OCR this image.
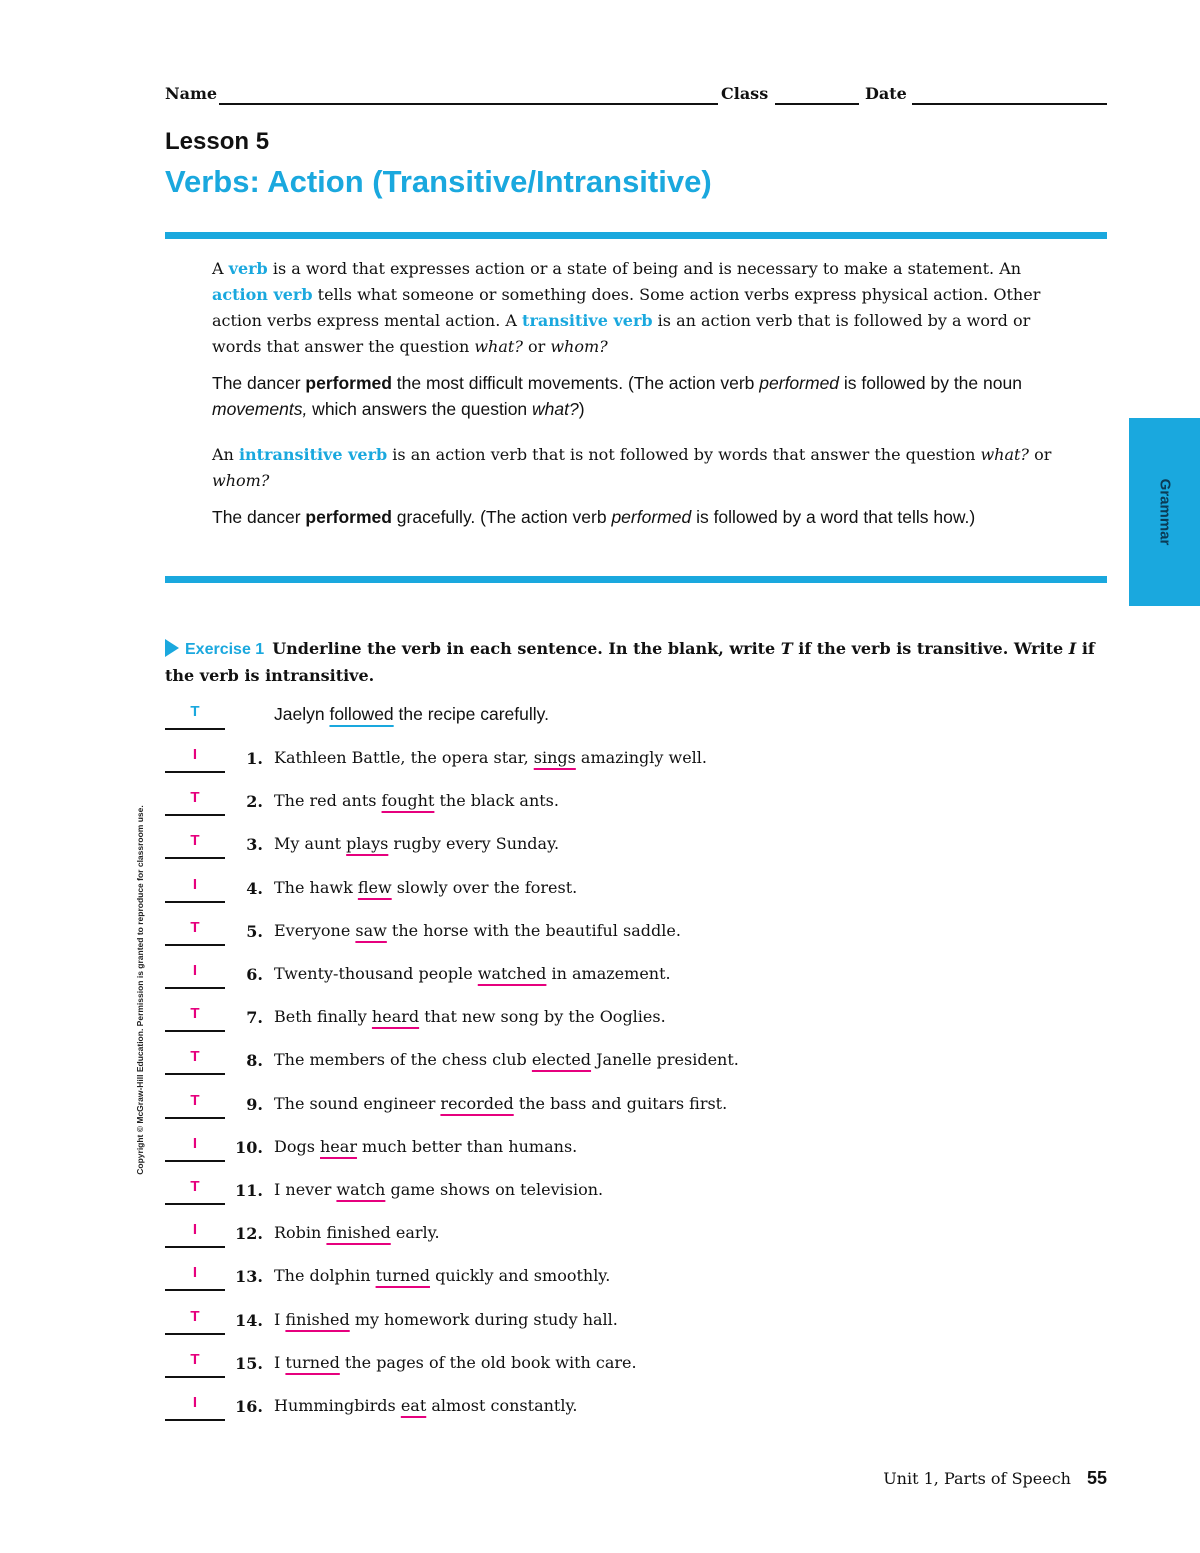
Name	Class	Date
Lesson 5
Verbs: Action (Transitive/Intransitive)

A verb is a word that expresses action or a state of being and is necessary to make a statement. An action verb tells what someone or something does. Some action verbs express physical action. Other action verbs express mental action. A transitive verb is an action verb that is followed by a word or words that answer the question what? or whom?

The dancer performed the most difficult movements. (The action verb performed is followed by the noun movements, which answers the question what?)

An intransitive verb is an action verb that is not followed by words that answer the question what? or whom?

The dancer performed gracefully. (The action verb performed is followed by a word that tells how.)	Grammar
Copyright © McGraw-Hill Education. Permission is granted to reproduce for classroom use.
Exercise 1 Underline the verb in each sentence. In the blank, write T if the verb is transitive. Write I if the verb is intransitive.
T	Jaelyn followed the recipe carefully.
I	1. Kathleen Battle, the opera star, sings amazingly well.
T	2. The red ants fought the black ants.
T	3. My aunt plays rugby every Sunday.
I	4. The hawk flew slowly over the forest.
T	5. Everyone saw the horse with the beautiful saddle.
I	6. Twenty-thousand people watched in amazement.
T	7. Beth finally heard that new song by the Ooglies.
T	8. The members of the chess club elected Janelle president.
T	9. The sound engineer recorded the bass and guitars first.
I	10. Dogs hear much better than humans.
T	11. I never watch game shows on television.
I	12. Robin finished early.
I	13. The dolphin turned quickly and smoothly.
T	14. I finished my homework during study hall.
T	15. I turned the pages of the old book with care.
I	16. Hummingbirds eat almost constantly.
Unit 1, Parts of Speech 55
